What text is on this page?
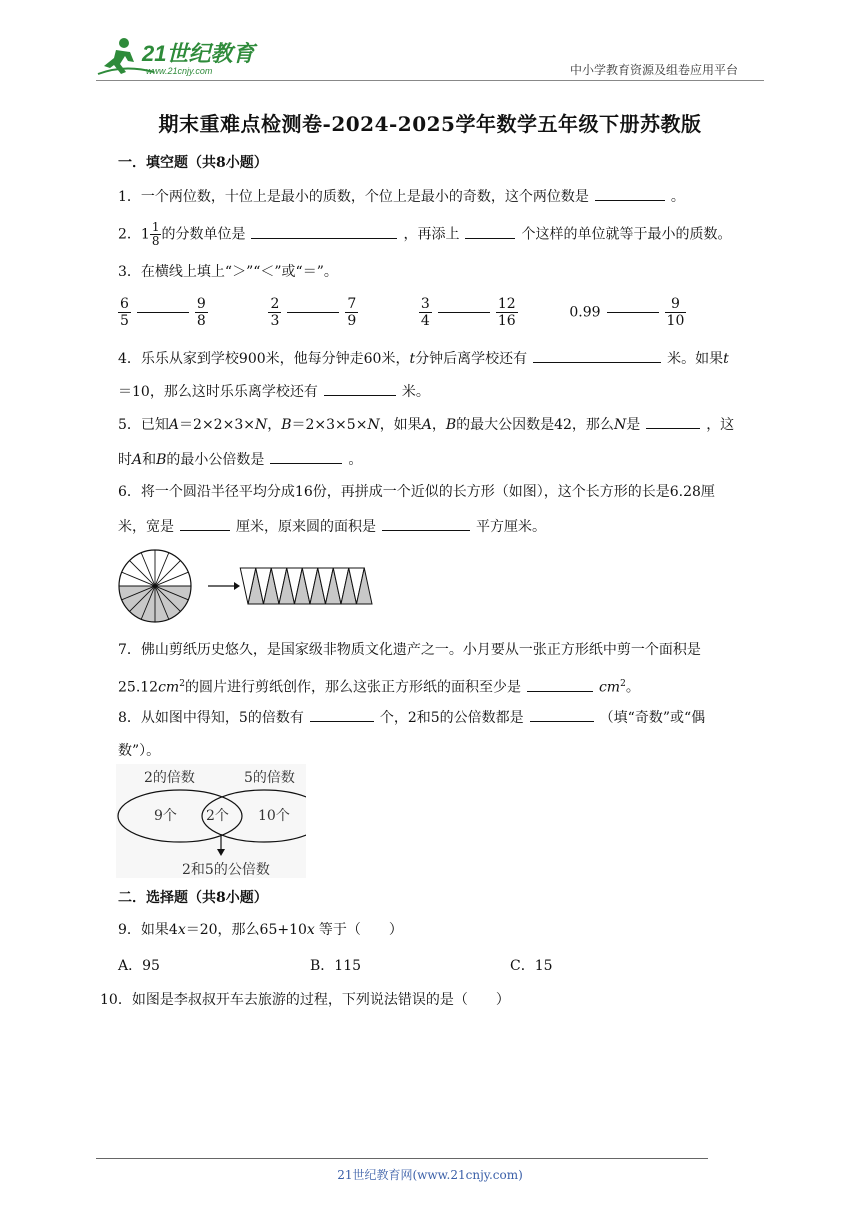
21世纪教育
www.21cnjy.com	中小学教育资源及组卷应用平台
期末重难点检测卷-2024-2025学年数学五年级下册苏教版
一．填空题（共8小题）
1．一个两位数，十位上是最小的质数，个位上是最小的奇数，这个两位数是	。
2．$1 \frac{1}{8}$ 的分数单位是	，再添上	个这样的单位就等于最小的质数。
3．在横线上填上“＞”“＜”或“＝”。
$\frac{6}{5}$	$\frac{9}{8}$
	$\frac{2}{3}$	$\frac{7}{9}$
	$\frac{3}{4}$	$\frac{12}{16}$	0.99	$\frac{9}{10}$
4．乐乐从家到学校900米，他每分钟走60米，t分钟后离学校还有	米。如果t
＝10，那么这时乐乐离学校还有	米。
5．已知A＝2×2×3×N，B＝2×3×5×N，如果A，B的最大公因数是42，那么N是	，这
时A和B的最小公倍数是	。
6．将一个圆沿半径平均分成16份，再拼成一个近似的长方形（如图），这个长方形的长是6.28厘
米，宽是	厘米，原来圆的面积是	平方厘米。
7．佛山剪纸历史悠久，是国家级非物质文化遗产之一。小月要从一张正方形纸中剪一个面积是
$25.12cm^2$的圆片进行剪纸创作，那么这张正方形纸的面积至少是	$cm^2$。
8．从如图中得知，5的倍数有	个，2和5的公倍数都是	（填“奇数”或“偶
数”）。
2的倍数	5的倍数
9个 2个 10个
2和5的公倍数
二．选择题（共8小题）
9．如果4x＝20，那么65+10x 等于（　　）
A．95	B．115	C．15
10．如图是李叔叔开车去旅游的过程，下列说法错误的是（　　）
21世纪教育网(www.21cnjy.com)
